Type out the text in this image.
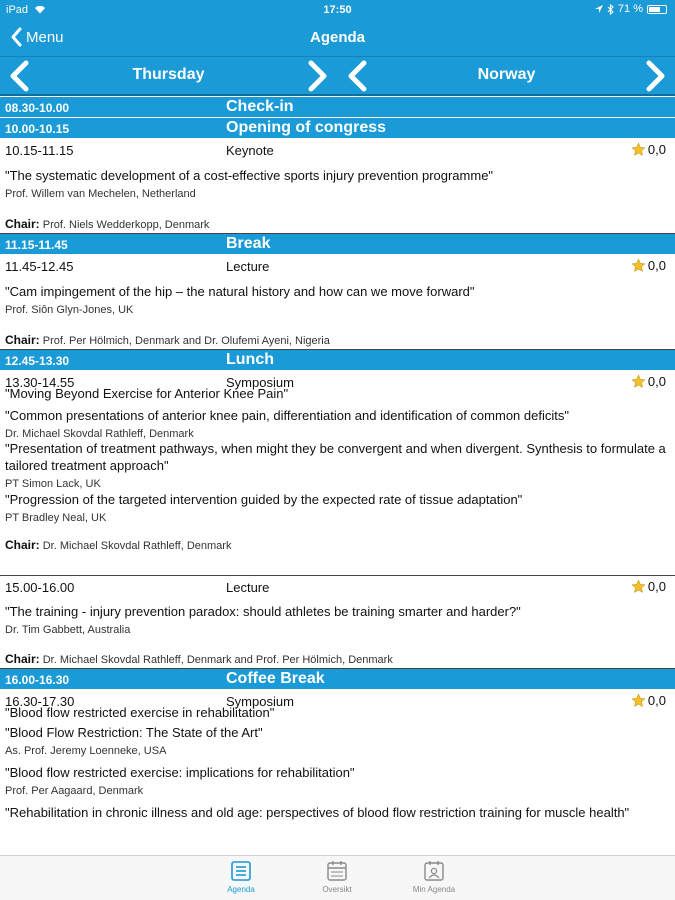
iPad	17:50	71 %
Menu	Agenda
Thursday	Norway
08.30-10.00	Check-in
10.00-10.15	Opening of congress
10.15-11.15	Keynote	0,0
"The systematic development of a cost-effective sports injury prevention programme"
Prof. Willem van Mechelen, Netherland
Chair: Prof. Niels Wedderkopp, Denmark
11.15-11.45	Break
11.45-12.45	Lecture	0,0
"Cam impingement of the hip – the natural history and how can we move forward"
Prof. Siôn Glyn-Jones, UK
Chair: Prof. Per Hölmich, Denmark and Dr. Olufemi Ayeni, Nigeria
12.45-13.30	Lunch
13.30-14.55	Symposium	0,0
"Moving Beyond Exercise for Anterior Knee Pain"
"Common presentations of anterior knee pain, differentiation and identification of common deficits"
Dr. Michael Skovdal Rathleff, Denmark
"Presentation of treatment pathways, when might they be convergent and when divergent. Synthesis to formulate a tailored treatment approach"
PT Simon Lack, UK
"Progression of the targeted intervention guided by the expected rate of tissue adaptation"
PT Bradley Neal, UK
Chair: Dr. Michael Skovdal Rathleff, Denmark
15.00-16.00	Lecture	0,0
"The training - injury prevention paradox: should athletes be training smarter and harder?"
Dr. Tim Gabbett, Australia
Chair: Dr. Michael Skovdal Rathleff, Denmark and Prof. Per Hölmich, Denmark
16.00-16.30	Coffee Break
16.30-17.30	Symposium	0,0
"Blood flow restricted exercise in rehabilitation"
"Blood Flow Restriction: The State of the Art"
As. Prof. Jeremy Loenneke, USA
"Blood flow restricted exercise: implications for rehabilitation"
Prof. Per Aagaard, Denmark
"Rehabilitation in chronic illness and old age: perspectives of blood flow restriction training for muscle health"
Agenda	Oversikt	Min Agenda
